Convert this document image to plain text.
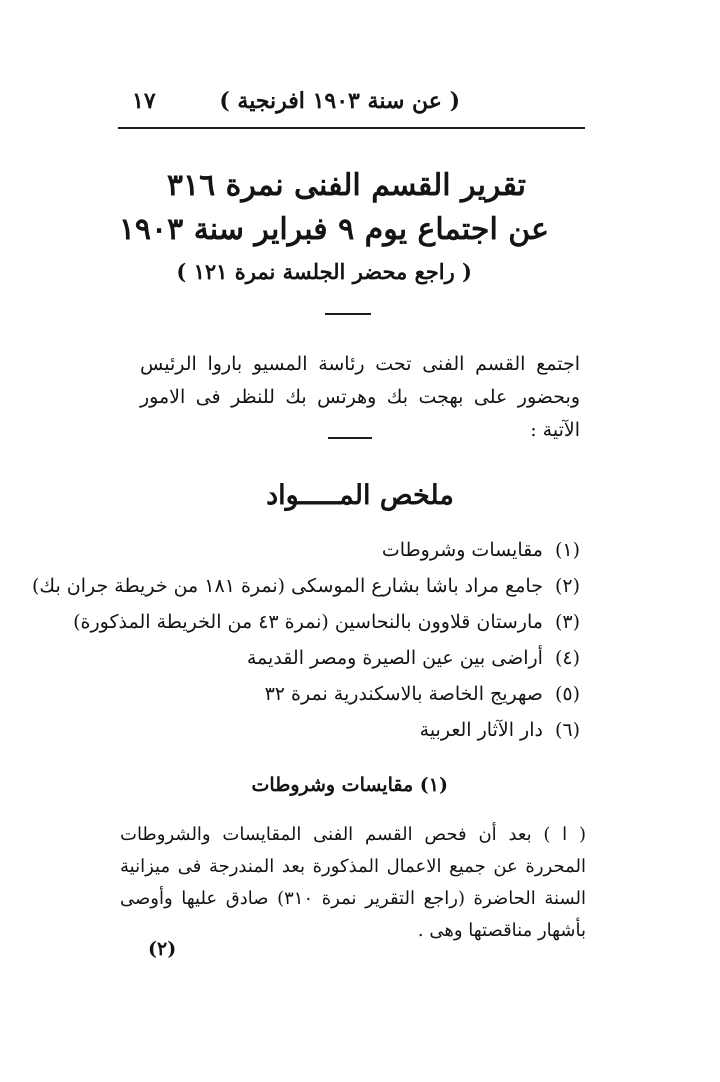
١٧	( عن سنة ١٩٠٣ افرنجية )
تقرير القسم الفنى نمرة ٣١٦
عن اجتماع يوم ٩ فبراير سنة ١٩٠٣
( راجع محضر الجلسة نمرة ١٢١ )
اجتمع القسم الفنى تحت رئاسة المسيو باروا الرئيس وبحضور على بهجت بك وهرتس بك للنظر فى الامور الآتية :
ملخص المـــــواد
(١)مقايسات وشروطات
(٢)جامع مراد باشا بشارع الموسكى (نمرة ١٨١ من خريطة جران بك)
(٣)مارستان قلاوون بالنحاسين (نمرة ٤٣ من الخريطة المذكورة)
(٤)أراضى بين عين الصيرة ومصر القديمة
(٥)صهريج الخاصة بالاسكندرية نمرة ٣٢
(٦)دار الآثار العربية
(١) مقايسات وشروطات
( ا ) بعد أن فحص القسم الفنى المقايسات والشروطات المحررة عن جميع الاعمال المذكورة بعد المندرجة فى ميزانية السنة الحاضرة (راجع التقرير نمرة ٣١٠) صادق عليها وأوصى بأشهار مناقصتها وهى .
(٢)
